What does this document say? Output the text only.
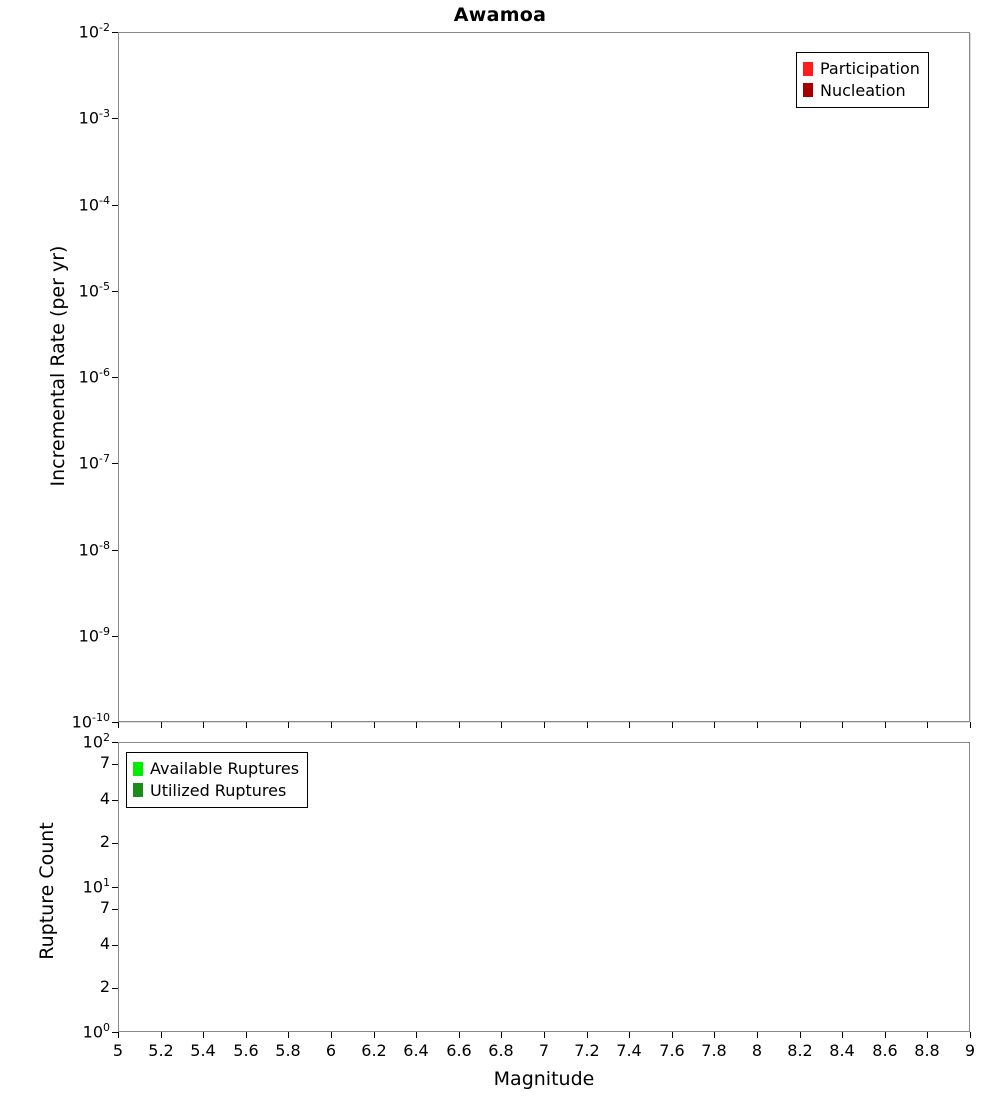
Awamoa
Incremental Rate (per yr)
Rupture Count
Magnitude
$10^{-2}$
$10^{-3}$
$10^{-4}$
$10^{-5}$
$10^{-6}$
$10^{-7}$
$10^{-8}$
$10^{-9}$
$10^{-10}$
$10^2$
7
4
2
$10^1$
7
4
2
$10^0$
5	5.2	5.4	5.6	5.8	6	6.2	6.4	6.6	6.8	7	7.2	7.4	7.6	7.8	8	8.2	8.4	8.6	8.8	9
Participation
Nucleation
Available Ruptures
Utilized Ruptures
